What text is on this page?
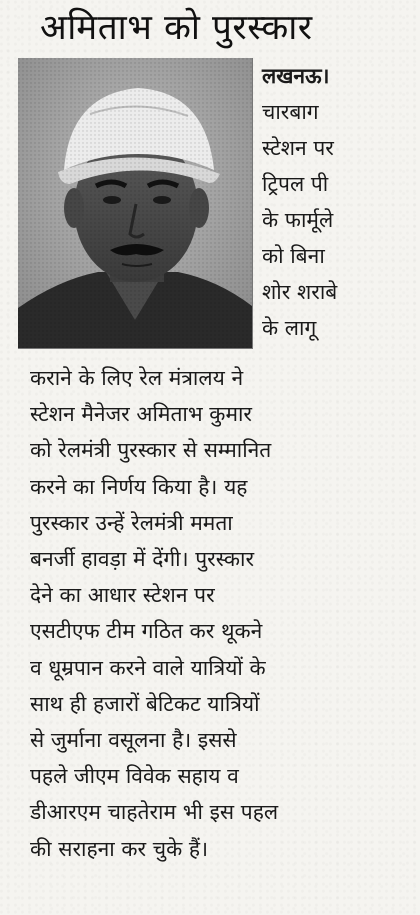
अमिताभ को पुरस्कार
लखनऊ।
चारबाग
स्टेशन पर
ट्रिपल पी
के फार्मूले
को बिना
शोर शराबे
के लागू
कराने के लिए रेल मंत्रालय ने
स्टेशन मैनेजर अमिताभ कुमार
को रेलमंत्री पुरस्कार से सम्मानित
करने का निर्णय किया है। यह
पुरस्कार उन्हें रेलमंत्री ममता
बनर्जी हावड़ा में देंगी। पुरस्कार
देने का आधार स्टेशन पर
एसटीएफ टीम गठित कर थूकने
व धूम्रपान करने वाले यात्रियों के
साथ ही हजारों बेटिकट यात्रियों
से जुर्माना वसूलना है। इससे
पहले जीएम विवेक सहाय व
डीआरएम चाहतेराम भी इस पहल
की सराहना कर चुके हैं।
